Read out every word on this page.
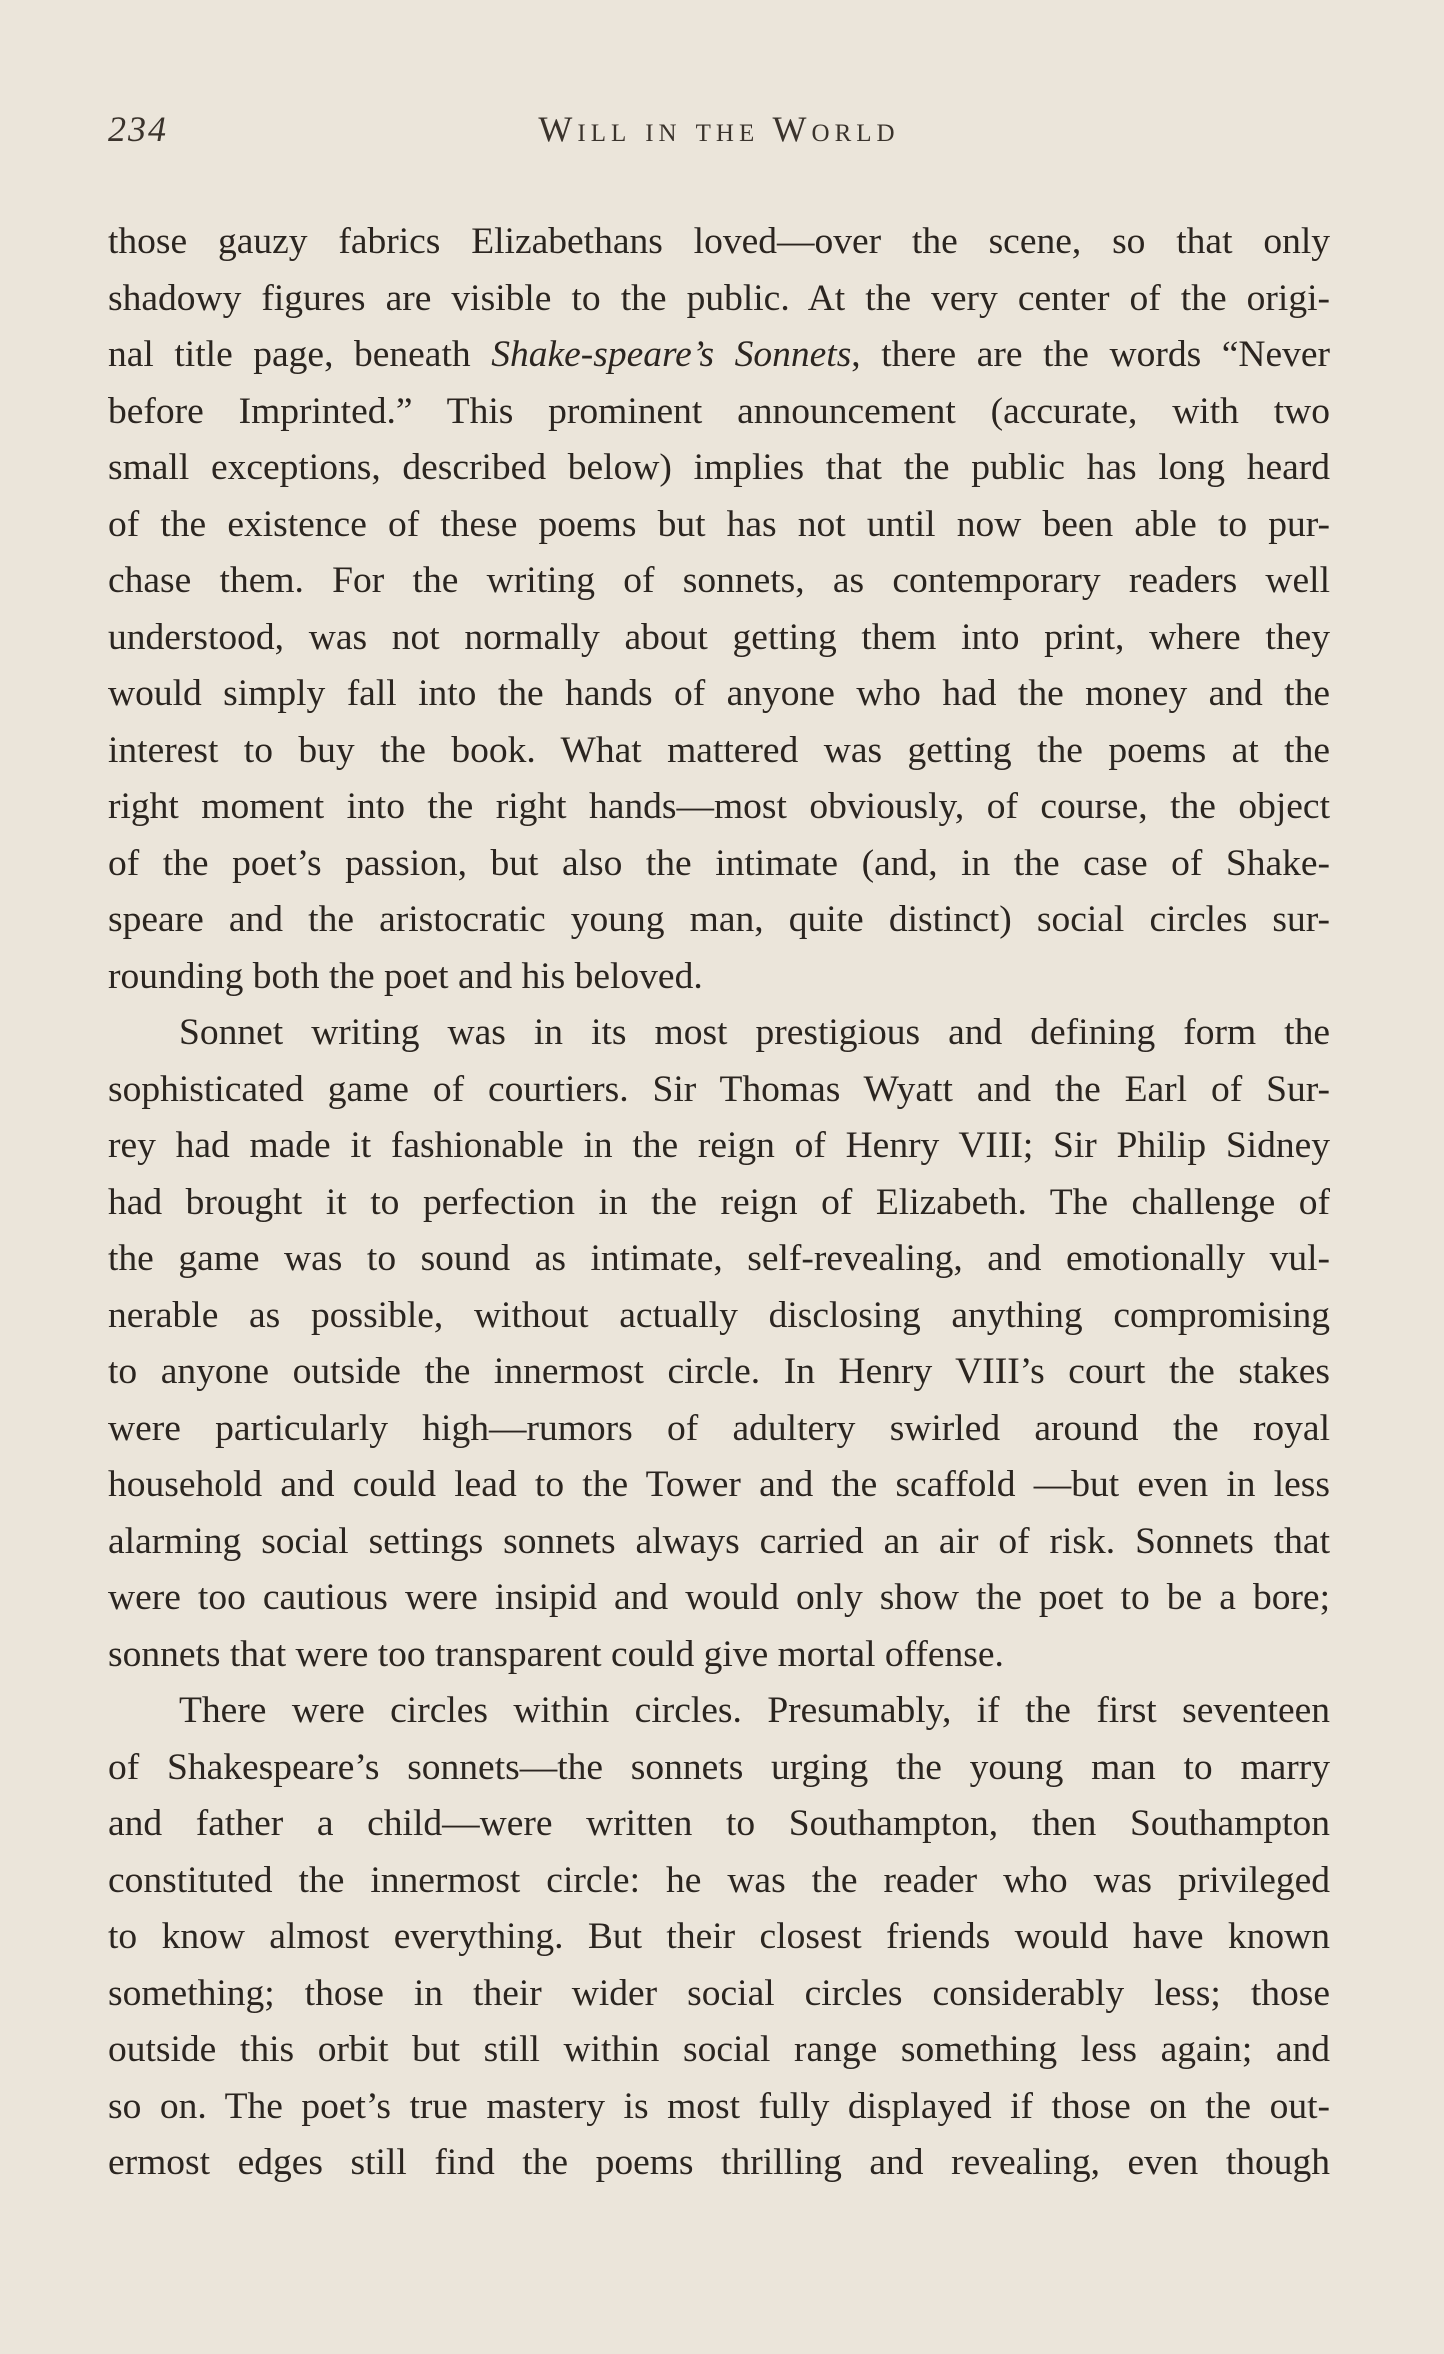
234	Will in the World
those gauzy fabrics Elizabethans loved—over the scene, so that only
shadowy figures are visible to the public. At the very center of the origi-
nal title page, beneath Shake-speare’s Sonnets, there are the words “Never
before Imprinted.” This prominent announcement (accurate, with two
small exceptions, described below) implies that the public has long heard
of the existence of these poems but has not until now been able to pur-
chase them. For the writing of sonnets, as contemporary readers well
understood, was not normally about getting them into print, where they
would simply fall into the hands of anyone who had the money and the
interest to buy the book. What mattered was getting the poems at the
right moment into the right hands—most obviously, of course, the object
of the poet’s passion, but also the intimate (and, in the case of Shake-
speare and the aristocratic young man, quite distinct) social circles sur-
rounding both the poet and his beloved.
Sonnet writing was in its most prestigious and defining form the
sophisticated game of courtiers. Sir Thomas Wyatt and the Earl of Sur-
rey had made it fashionable in the reign of Henry VIII; Sir Philip Sidney
had brought it to perfection in the reign of Elizabeth. The challenge of
the game was to sound as intimate, self-revealing, and emotionally vul-
nerable as possible, without actually disclosing anything compromising
to anyone outside the innermost circle. In Henry VIII’s court the stakes
were particularly high—rumors of adultery swirled around the royal
household and could lead to the Tower and the scaffold —but even in less
alarming social settings sonnets always carried an air of risk. Sonnets that
were too cautious were insipid and would only show the poet to be a bore;
sonnets that were too transparent could give mortal offense.
There were circles within circles. Presumably, if the first seventeen
of Shakespeare’s sonnets—the sonnets urging the young man to marry
and father a child—were written to Southampton, then Southampton
constituted the innermost circle: he was the reader who was privileged
to know almost everything. But their closest friends would have known
something; those in their wider social circles considerably less; those
outside this orbit but still within social range something less again; and
so on. The poet’s true mastery is most fully displayed if those on the out-
ermost edges still find the poems thrilling and revealing, even though
